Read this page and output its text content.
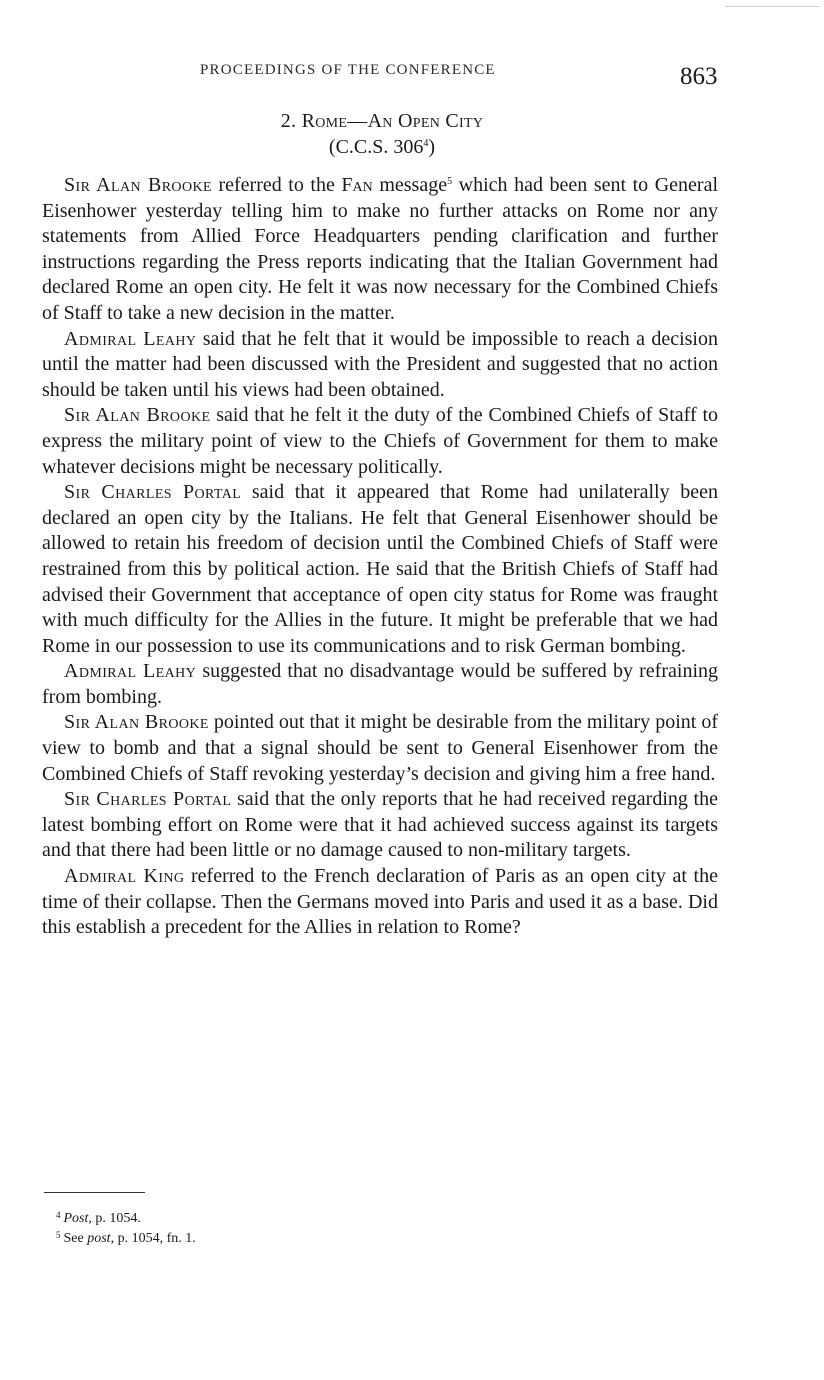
PROCEEDINGS OF THE CONFERENCE	863
2. Rome—An Open City
(C.C.S. $306^4$)

Sir Alan Brooke referred to the Fan message$^5$ which had been sent to General Eisenhower yesterday telling him to make no further attacks on Rome nor any statements from Allied Force Headquarters pending clarification and further instructions regarding the Press reports indicating that the Italian Government had declared Rome an open city. He felt it was now necessary for the Combined Chiefs of Staff to take a new decision in the matter.

Admiral Leahy said that he felt that it would be impossible to reach a decision until the matter had been discussed with the President and suggested that no action should be taken until his views had been obtained.

Sir Alan Brooke said that he felt it the duty of the Combined Chiefs of Staff to express the military point of view to the Chiefs of Government for them to make whatever decisions might be necessary politically.

Sir Charles Portal said that it appeared that Rome had unilaterally been declared an open city by the Italians. He felt that General Eisenhower should be allowed to retain his freedom of decision until the Combined Chiefs of Staff were restrained from this by political action. He said that the British Chiefs of Staff had advised their Government that acceptance of open city status for Rome was fraught with much difficulty for the Allies in the future. It might be preferable that we had Rome in our possession to use its communications and to risk German bombing.

Admiral Leahy suggested that no disadvantage would be suffered by refraining from bombing.

Sir Alan Brooke pointed out that it might be desirable from the military point of view to bomb and that a signal should be sent to General Eisenhower from the Combined Chiefs of Staff revoking yesterday’s decision and giving him a free hand.

Sir Charles Portal said that the only reports that he had received regarding the latest bombing effort on Rome were that it had achieved success against its targets and that there had been little or no damage caused to non-military targets.

Admiral King referred to the French declaration of Paris as an open city at the time of their collapse. Then the Germans moved into Paris and used it as a base. Did this establish a precedent for the Allies in relation to Rome?

$^4$ Post, p. 1054.
$^5$ See post, p. 1054, fn. 1.
